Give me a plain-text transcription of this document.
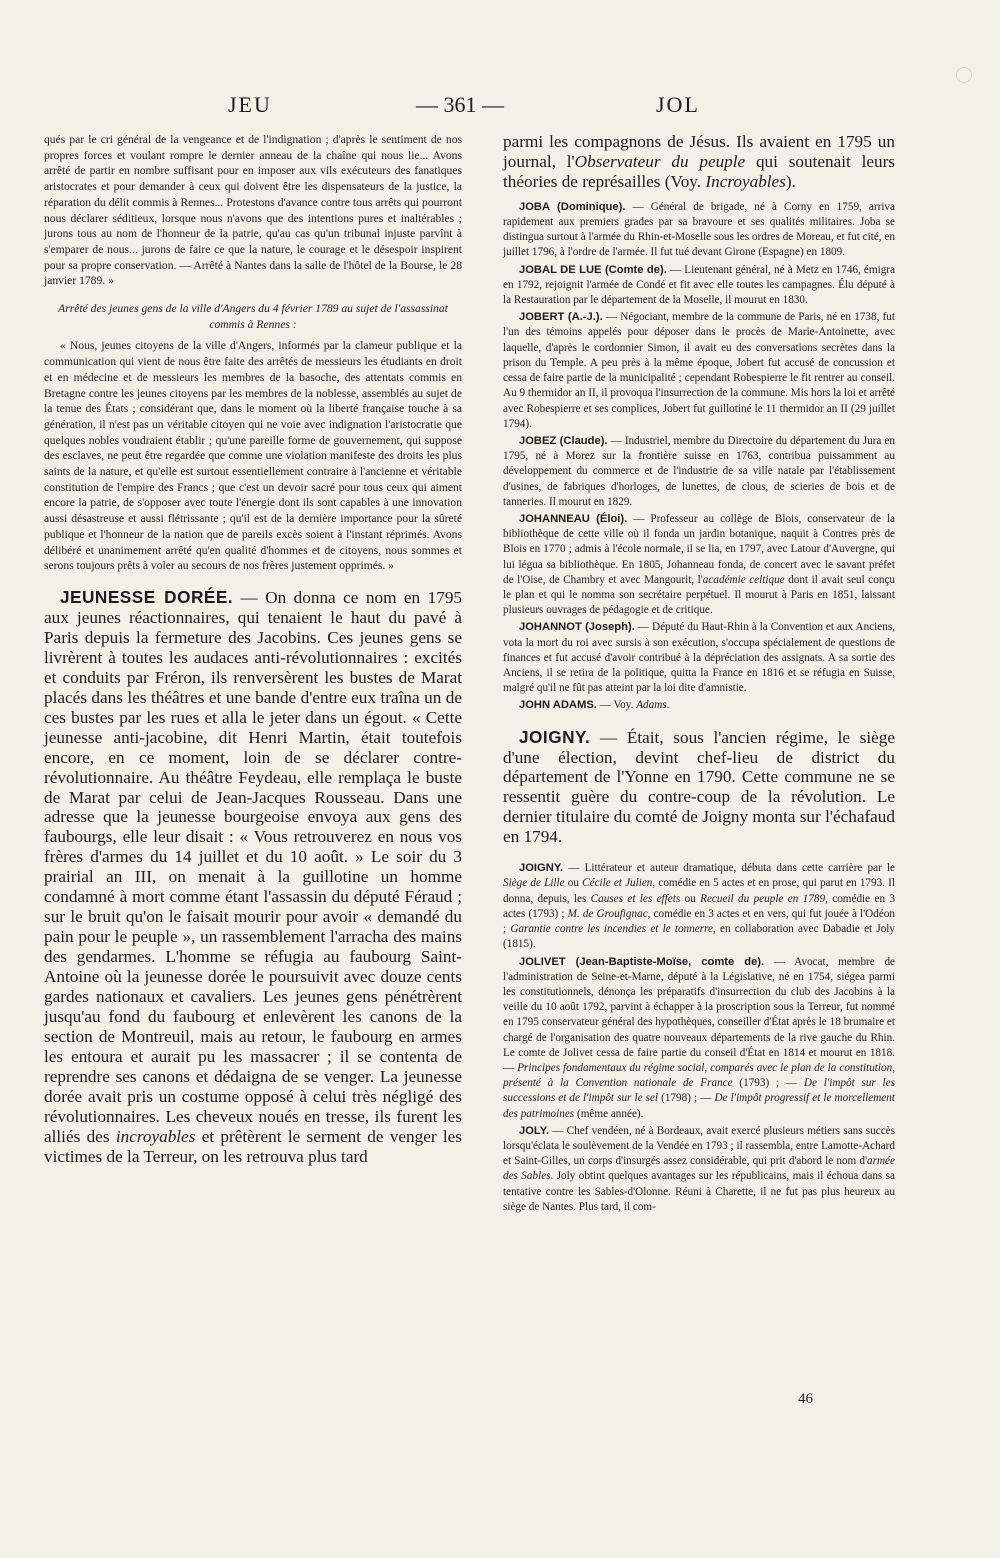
JEU	— 361 —	JOL

qués par le cri général de la vengeance et de l'indignation ; d'après le sentiment de nos propres forces et voulant rompre le dernier anneau de la chaîne qui nous lie... Avons arrêté de partir en nombre suffisant pour en imposer aux vils exécuteurs des fanatiques aristocrates et pour demander à ceux qui doivent être les dispensateurs de la justice, la réparation du délit commis à Rennes... Protestons d'avance contre tous arrêts qui pourront nous déclarer séditieux, lorsque nous n'avons que des intentions pures et inaltérables ; jurons tous au nom de l'honneur de la patrie, qu'au cas qu'un tribunal injuste parvînt à s'emparer de nous... jurons de faire ce que la nature, le courage et le désespoir inspirent pour sa propre conservation. — Arrêté à Nantes dans la salle de l'hôtel de la Bourse, le 28 janvier 1789. »

Arrêté des jeunes gens de la ville d'Angers du 4 février 1789 au sujet de l'assassinat commis à Rennes :

« Nous, jeunes citoyens de la ville d'Angers, informés par la clameur publique et la communication qui vient de nous être faite des arrêtés de messieurs les étudiants en droit et en médecine et de messieurs les membres de la basoche, des attentats commis en Bretagne contre les jeunes citoyens par les membres de la noblesse, assemblés au sujet de la tenue des États ; considérant que, dans le moment où la liberté française touche à sa génération, il n'est pas un véritable citoyen qui ne voie avec indignation l'aristocratie que quelques nobles voudraient établir ; qu'une pareille forme de gouvernement, qui suppose des esclaves, ne peut être regardée que comme une violation manifeste des droits les plus saints de la nature, et qu'elle est surtout essentiellement contraire à l'ancienne et véritable constitution de l'empire des Francs ; que c'est un devoir sacré pour tous ceux qui aiment encore la patrie, de s'opposer avec toute l'énergie dont ils sont capables à une innovation aussi désastreuse et aussi flétrissante ; qu'il est de la dernière importance pour la sûreté publique et l'honneur de la nation que de pareils excès soient à l'instant réprimés. Avons délibéré et unanimement arrêté qu'en qualité d'hommes et de citoyens, nous sommes et serons toujours prêts à voler au secours de nos frères justement opprimés. »

JEUNESSE DORÉE. — On donna ce nom en 1795 aux jeunes réactionnaires, qui tenaient le haut du pavé à Paris depuis la fermeture des Jacobins. Ces jeunes gens se livrèrent à toutes les audaces anti-révolutionnaires : excités et conduits par Fréron, ils renversèrent les bustes de Marat placés dans les théâtres et une bande d'entre eux traîna un de ces bustes par les rues et alla le jeter dans un égout. « Cette jeunesse anti-jacobine, dit Henri Martin, était toutefois encore, en ce moment, loin de se déclarer contre-révolutionnaire. Au théâtre Feydeau, elle remplaça le buste de Marat par celui de Jean-Jacques Rousseau. Dans une adresse que la jeunesse bourgeoise envoya aux gens des faubourgs, elle leur disait : « Vous retrouverez en nous vos frères d'armes du 14 juillet et du 10 août. » Le soir du 3 prairial an III, on menait à la guillotine un homme condamné à mort comme étant l'assassin du député Féraud ; sur le bruit qu'on le faisait mourir pour avoir « demandé du pain pour le peuple », un rassemblement l'arracha des mains des gendarmes. L'homme se réfugia au faubourg Saint-Antoine où la jeunesse dorée le poursuivit avec douze cents gardes nationaux et cavaliers. Les jeunes gens pénétrèrent jusqu'au fond du faubourg et enlevèrent les canons de la section de Montreuil, mais au retour, le faubourg en armes les entoura et aurait pu les massacrer ; il se contenta de reprendre ses canons et dédaigna de se venger. La jeunesse dorée avait pris un costume opposé à celui très négligé des révolutionnaires. Les cheveux noués en tresse, ils furent les alliés des incroyables et prêtèrent le serment de venger les victimes de la Terreur, on les retrouva plus tard

parmi les compagnons de Jésus. Ils avaient en 1795 un journal, l'Observateur du peuple qui soutenait leurs théories de représailles (Voy. Incroyables).

JOBA (Dominique). — Général de brigade, né à Corny en 1759, arriva rapidement aux premiers grades par sa bravoure et ses qualités militaires. Joba se distingua surtout à l'armée du Rhin-et-Moselle sous les ordres de Moreau, et fut cité, en juillet 1796, à l'ordre de l'armée. Il fut tué devant Girone (Espagne) en 1809.

JOBAL DE LUE (Comte de). — Lieutenant général, né à Metz en 1746, émigra en 1792, rejoignit l'armée de Condé et fit avec elle toutes les campagnes. Élu député à la Restauration par le département de la Moselle, il mourut en 1830.

JOBERT (A.-J.). — Négociant, membre de la commune de Paris, né en 1738, fut l'un des témoins appelés pour déposer dans le procès de Marie-Antoinette, avec laquelle, d'après le cordonnier Simon, il avait eu des conversations secrètes dans la prison du Temple. A peu près à la même époque, Jobert fut accusé de concussion et cessa de faire partie de la municipalité ; cependant Robespierre le fit rentrer au conseil. Au 9 thermidor an II, il provoqua l'insurrection de la commune. Mis hors la loi et arrêté avec Robespierre et ses complices, Jobert fut guillotiné le 11 thermidor an II (29 juillet 1794).

JOBEZ (Claude). — Industriel, membre du Directoire du département du Jura en 1795, né à Morez sur la frontière suisse en 1763, contribua puissamment au développement du commerce et de l'industrie de sa ville natale par l'établissement d'usines, de fabriques d'horloges, de lunettes, de clous, de scieries de bois et de tanneries. Il mourut en 1829.

JOHANNEAU (Éloi). — Professeur au collège de Blois, conservateur de la bibliothèque de cette ville où il fonda un jardin botanique, naquit à Contres près de Blois en 1770 ; admis à l'école normale, il se lia, en 1797, avec Latour d'Auvergne, qui lui légua sa bibliothèque. En 1805, Johanneau fonda, de concert avec le savant préfet de l'Oise, de Chambry et avec Mangourit, l'académie celtique dont il avait seul conçu le plan et qui le nomma son secrétaire perpétuel. Il mourut à Paris en 1851, laissant plusieurs ouvrages de pédagogie et de critique.

JOHANNOT (Joseph). — Député du Haut-Rhin à la Convention et aux Anciens, vota la mort du roi avec sursis à son exécution, s'occupa spécialement de questions de finances et fut accusé d'avoir contribué à la dépréciation des assignats. A sa sortie des Anciens, il se retira de la politique, quitta la France en 1816 et se réfugia en Suisse, malgré qu'il ne fût pas atteint par la loi dite d'amnistie.

JOHN ADAMS. — Voy. Adams.

JOIGNY. — Était, sous l'ancien régime, le siège d'une élection, devint chef-lieu de district du département de l'Yonne en 1790. Cette commune ne se ressentit guère du contre-coup de la révolution. Le dernier titulaire du comté de Joigny monta sur l'échafaud en 1794.

JOIGNY. — Littérateur et auteur dramatique, débuta dans cette carrière par le Siège de Lille ou Cécile et Julien, comédie en 5 actes et en prose, qui parut en 1793. Il donna, depuis, les Causes et les effets ou Recueil du peuple en 1789, comédie en 3 actes (1793) ; M. de Groufignac, comédie en 3 actes et en vers, qui fut jouée à l'Odéon ; Garantie contre les incendies et le tonnerre, en collaboration avec Dabadie et Joly (1815).

JOLIVET (Jean-Baptiste-Moïse, comte de). — Avocat, membre de l'administration de Seine-et-Marne, député à la Législative, né en 1754, siégea parmi les constitutionnels, dénonça les préparatifs d'insurrection du club des Jacobins à la veille du 10 août 1792, parvint à échapper à la proscription sous la Terreur, fut nommé en 1795 conservateur général des hypothèques, conseiller d'État après le 18 brumaire et chargé de l'organisation des quatre nouveaux départements de la rive gauche du Rhin. Le comte de Jolivet cessa de faire partie du conseil d'État en 1814 et mourut en 1818. — Principes fondamentaux du régime social, comparés avec le plan de la constitution, présenté à la Convention nationale de France (1793) ; — De l'impôt sur les successions et de l'impôt sur le sel (1798) ; — De l'impôt progressif et le morcellement des patrimoines (même année).

JOLY. — Chef vendéen, né à Bordeaux, avait exercé plusieurs métiers sans succès lorsqu'éclata le soulèvement de la Vendée en 1793 ; il rassembla, entre Lamotte-Achard et Saint-Gilles, un corps d'insurgés assez considérable, qui prit d'abord le nom d'armée des Sables. Joly obtint quelques avantages sur les républicains, mais il échoua dans sa tentative contre les Sables-d'Olonne. Réuni à Charette, il ne fut pas plus heureux au siège de Nantes. Plus tard, il com-

46
